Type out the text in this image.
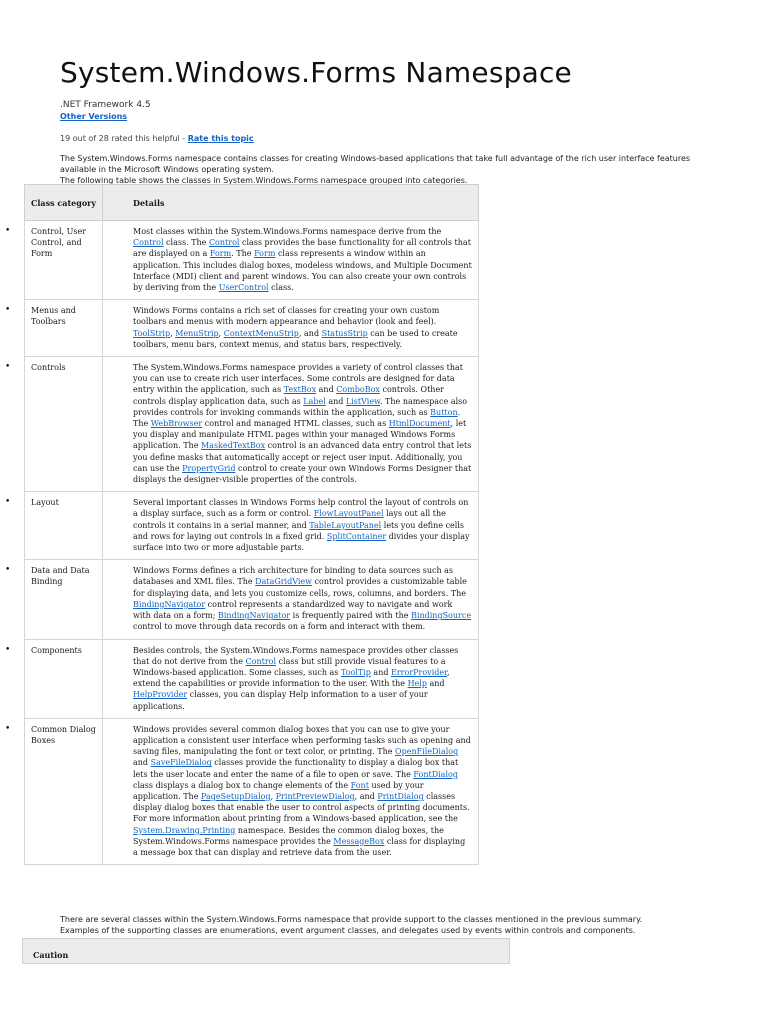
System.Windows.Forms Namespace
.NET Framework 4.5
Other Versions
19 out of 28 rated this helpful - Rate this topic

The System.Windows.Forms namespace contains classes for creating Windows-based applications that take full advantage of the rich user interface features available in the Microsoft Windows operating system.

The following table shows the classes in System.Windows.Forms namespace grouped into categories.

Class category	Details

• Control, User Control, and Form	Most classes within the System.Windows.Forms namespace derive from the Control class. The Control class provides the base functionality for all controls that are displayed on a Form. The Form class represents a window within an application. This includes dialog boxes, modeless windows, and Multiple Document Interface (MDI) client and parent windows. You can also create your own controls by deriving from the UserControl class.

• Menus and Toolbars	Windows Forms contains a rich set of classes for creating your own custom toolbars and menus with modern appearance and behavior (look and feel). ToolStrip, MenuStrip, ContextMenuStrip, and StatusStrip can be used to create toolbars, menu bars, context menus, and status bars, respectively.

• Controls	The System.Windows.Forms namespace provides a variety of control classes that you can use to create rich user interfaces. Some controls are designed for data entry within the application, such as TextBox and ComboBox controls. Other controls display application data, such as Label and ListView. The namespace also provides controls for invoking commands within the application, such as Button. The WebBrowser control and managed HTML classes, such as HtmlDocument, let you display and manipulate HTML pages within your managed Windows Forms application. The MaskedTextBox control is an advanced data entry control that lets you define masks that automatically accept or reject user input. Additionally, you can use the PropertyGrid control to create your own Windows Forms Designer that displays the designer-visible properties of the controls.

• Layout	Several important classes in Windows Forms help control the layout of controls on a display surface, such as a form or control. FlowLayoutPanel lays out all the controls it contains in a serial manner, and TableLayoutPanel lets you define cells and rows for laying out controls in a fixed grid. SplitContainer divides your display surface into two or more adjustable parts.

• Data and Data Binding	Windows Forms defines a rich architecture for binding to data sources such as databases and XML files. The DataGridView control provides a customizable table for displaying data, and lets you customize cells, rows, columns, and borders. The BindingNavigator control represents a standardized way to navigate and work with data on a form; BindingNavigator is frequently paired with the BindingSource control to move through data records on a form and interact with them.

• Components	Besides controls, the System.Windows.Forms namespace provides other classes that do not derive from the Control class but still provide visual features to a Windows-based application. Some classes, such as ToolTip and ErrorProvider, extend the capabilities or provide information to the user. With the Help and HelpProvider classes, you can display Help information to a user of your applications.

• Common Dialog Boxes	Windows provides several common dialog boxes that you can use to give your application a consistent user interface when performing tasks such as opening and saving files, manipulating the font or text color, or printing. The OpenFileDialog and SaveFileDialog classes provide the functionality to display a dialog box that lets the user locate and enter the name of a file to open or save. The FontDialog class displays a dialog box to change elements of the Font used by your application. The PageSetupDialog, PrintPreviewDialog, and PrintDialog classes display dialog boxes that enable the user to control aspects of printing documents. For more information about printing from a Windows-based application, see the System.Drawing.Printing namespace. Besides the common dialog boxes, the System.Windows.Forms namespace provides the MessageBox class for displaying a message box that can display and retrieve data from the user.

There are several classes within the System.Windows.Forms namespace that provide support to the classes mentioned in the previous summary.

Examples of the supporting classes are enumerations, event argument classes, and delegates used by events within controls and components.

Caution
